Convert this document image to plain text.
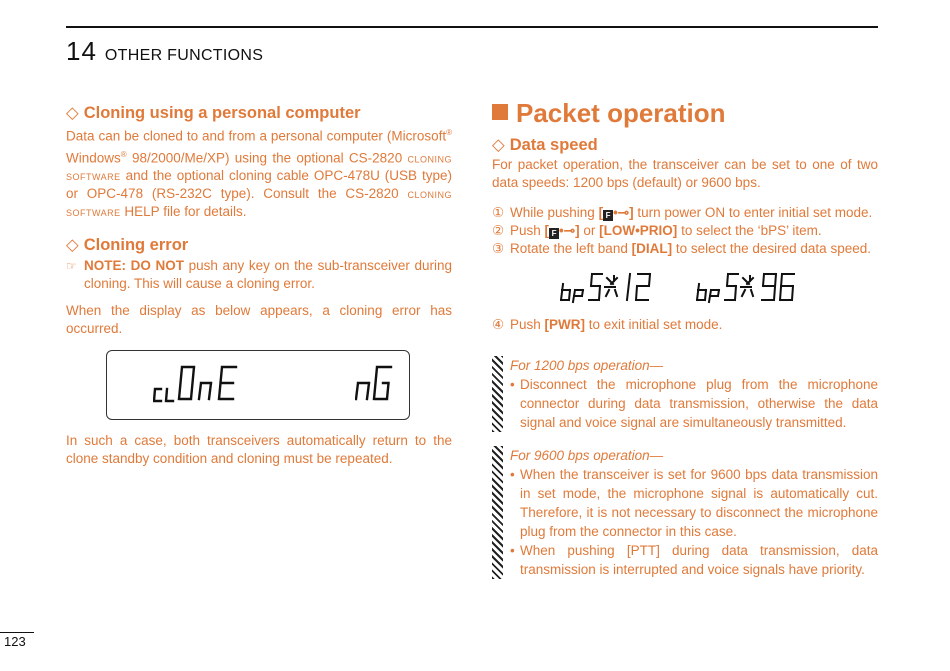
14 OTHER FUNCTIONS
◇ Cloning using a personal computer

Data can be cloned to and from a personal computer (Microsoft® Windows® 98/2000/Me/XP) using the optional CS-2820 cloning software and the optional cloning cable OPC-478U (USB type) or OPC-478 (RS-232C type). Consult the CS-2820 cloning software HELP file for details.

◇ Cloning error
☞ NOTE: DO NOT push any key on the sub-transceiver during cloning. This will cause a cloning error.

When the display as below appears, a cloning error has occurred.

In such a case, both transceivers automatically return to the clone standby condition and cloning must be repeated.

Packet operation
◇ Data speed

For packet operation, the transceiver can be set to one of two data speeds: 1200 bps (default) or 9600 bps.

① While pushing [ F •⊸] turn power ON to enter initial set mode.

② Push [ F •⊸] or [LOW•PRIO] to select the ‘bPS’ item.

③ Rotate the left band [DIAL] to select the desired data speed.

④ Push [PWR] to exit initial set mode.

For 1200 bps operation—
• Disconnect the microphone plug from the microphone connector during data transmission, otherwise the data signal and voice signal are simultaneously transmitted.

For 9600 bps operation—
• When the transceiver is set for 9600 bps data transmission in set mode, the microphone signal is automatically cut. Therefore, it is not necessary to disconnect the microphone plug from the connector in this case.

• When pushing [PTT] during data transmission, data transmission is interrupted and voice signals have priority.

123
